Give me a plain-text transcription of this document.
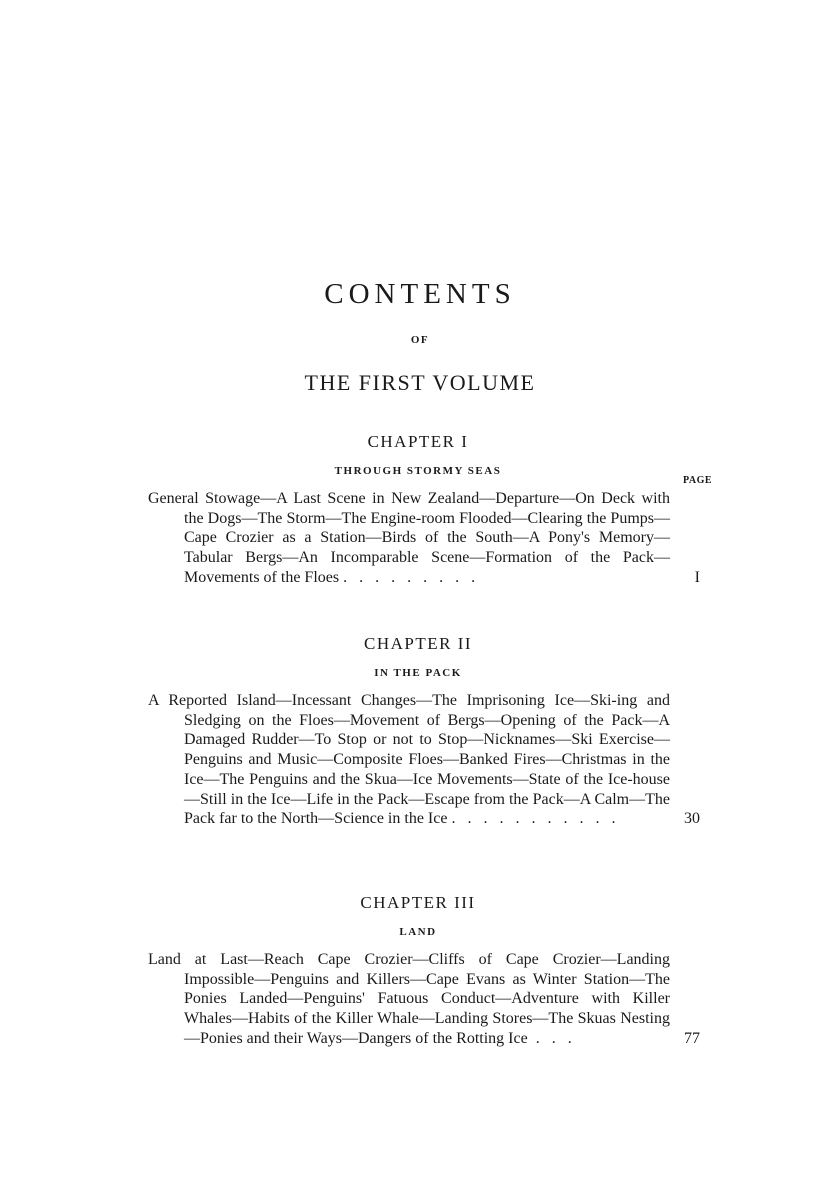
CONTENTS
OF
THE FIRST VOLUME
PAGE
CHAPTER I
THROUGH STORMY SEAS
General Stowage—A Last Scene in New Zealand—Departure—On Deck with the Dogs—The Storm—The Engine-room Flooded—Clearing the Pumps—Cape Crozier as a Station—Birds of the South—A Pony's Memory—Tabular Bergs—An Incomparable Scene—Formation of the Pack—Movements of the Floes .   .   .   .   .   .   .   .   .	I
CHAPTER II
IN THE PACK
A Reported Island—Incessant Changes—The Imprisoning Ice—Ski-ing and Sledging on the Floes—Movement of Bergs—Opening of the Pack—A Damaged Rudder—To Stop or not to Stop—Nicknames—Ski Exercise—Penguins and Music—Composite Floes—Banked Fires—Christmas in the Ice—The Penguins and the Skua—Ice Movements—State of the Ice-house—Still in the Ice—Life in the Pack—Escape from the Pack—A Calm—The Pack far to the North—Science in the Ice .   .   .   .   .   .   .   .   .   .   .	30
CHAPTER III
LAND
Land at Last—Reach Cape Crozier—Cliffs of Cape Crozier—Landing Impossible—Penguins and Killers—Cape Evans as Winter Station—The Ponies Landed—Penguins' Fatuous Conduct—Adventure with Killer Whales—Habits of the Killer Whale—Landing Stores—The Skuas Nesting—Ponies and their Ways—Dangers of the Rotting Ice  .   .   .	77
